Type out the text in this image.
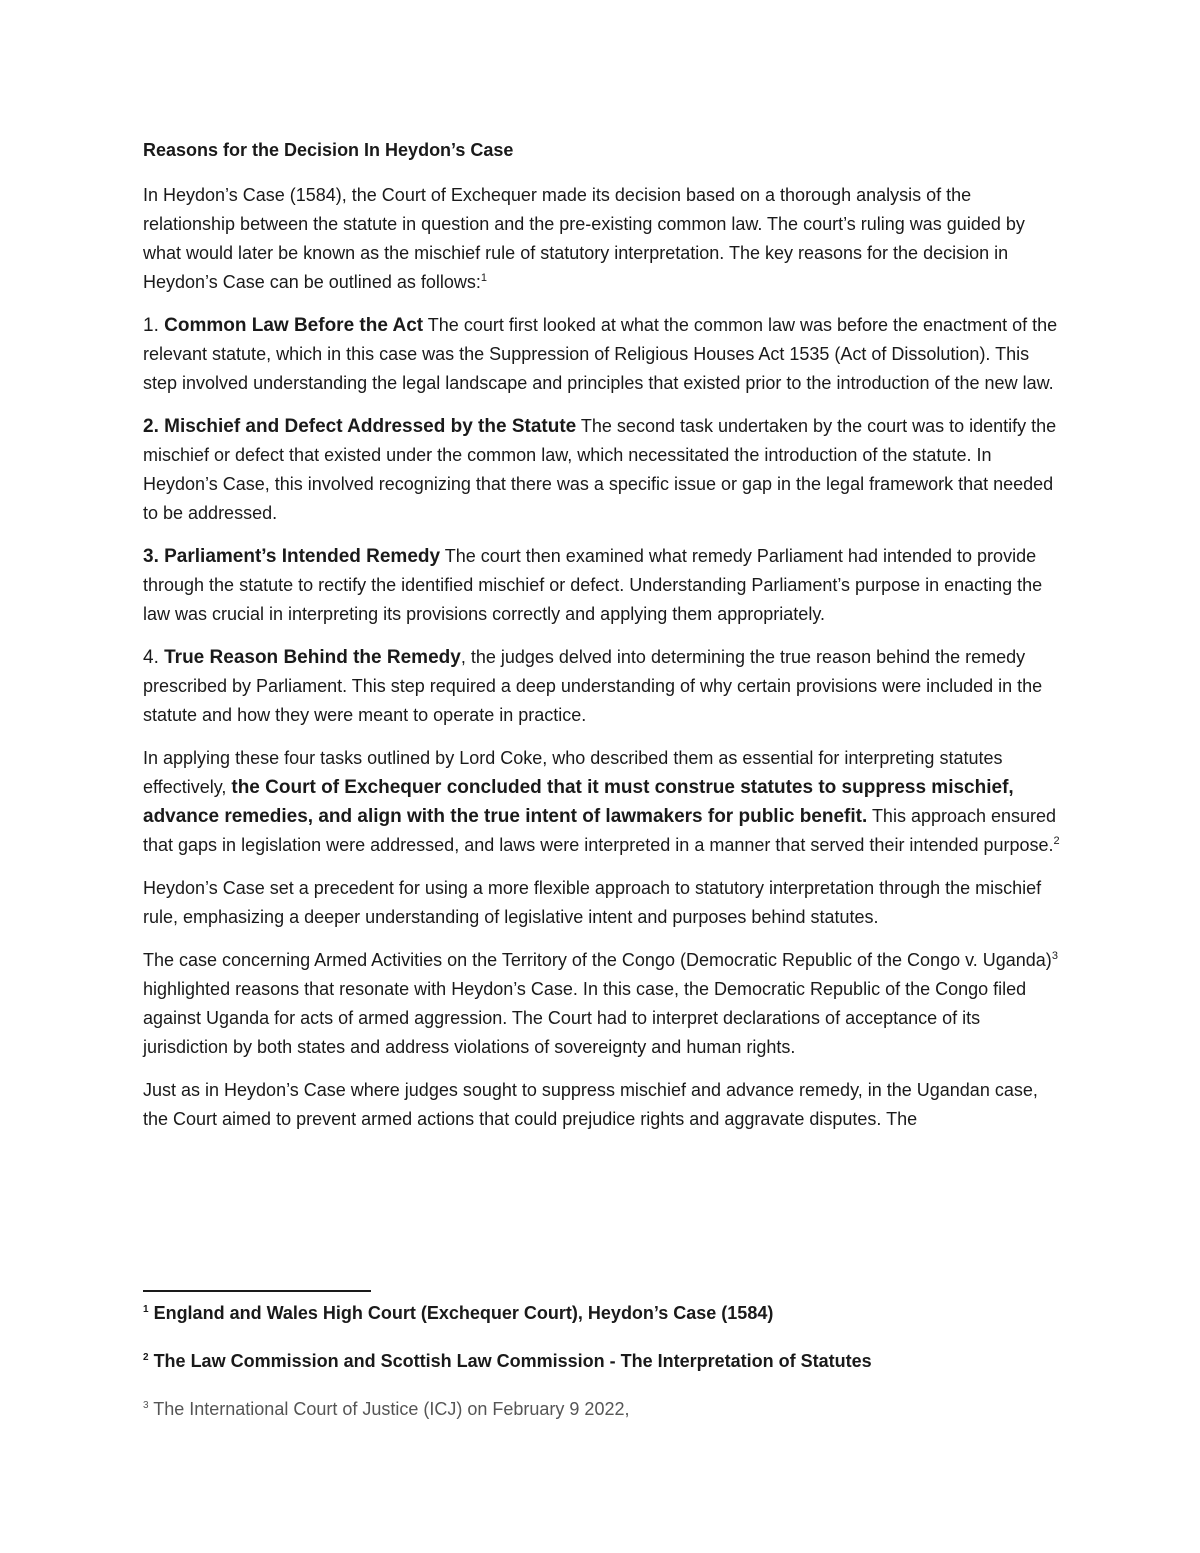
Reasons for the Decision In Heydon’s Case

In Heydon’s Case (1584), the Court of Exchequer made its decision based on a thorough analysis of the relationship between the statute in question and the pre-existing common law. The court’s ruling was guided by what would later be known as the mischief rule of statutory interpretation. The key reasons for the decision in Heydon’s Case can be outlined as follows:$^1$

1. Common Law Before the Act The court first looked at what the common law was before the enactment of the relevant statute, which in this case was the Suppression of Religious Houses Act 1535 (Act of Dissolution). This step involved understanding the legal landscape and principles that existed prior to the introduction of the new law.

2. Mischief and Defect Addressed by the Statute The second task undertaken by the court was to identify the mischief or defect that existed under the common law, which necessitated the introduction of the statute. In Heydon’s Case, this involved recognizing that there was a specific issue or gap in the legal framework that needed to be addressed.

3. Parliament’s Intended Remedy The court then examined what remedy Parliament had intended to provide through the statute to rectify the identified mischief or defect. Understanding Parliament’s purpose in enacting the law was crucial in interpreting its provisions correctly and applying them appropriately.

4. True Reason Behind the Remedy, the judges delved into determining the true reason behind the remedy prescribed by Parliament. This step required a deep understanding of why certain provisions were included in the statute and how they were meant to operate in practice.

In applying these four tasks outlined by Lord Coke, who described them as essential for interpreting statutes effectively, the Court of Exchequer concluded that it must construe statutes to suppress mischief, advance remedies, and align with the true intent of lawmakers for public benefit. This approach ensured that gaps in legislation were addressed, and laws were interpreted in a manner that served their intended purpose.$^2$

Heydon’s Case set a precedent for using a more flexible approach to statutory interpretation through the mischief rule, emphasizing a deeper understanding of legislative intent and purposes behind statutes.

The case concerning Armed Activities on the Territory of the Congo (Democratic Republic of the Congo v. Uganda)$^3$ highlighted reasons that resonate with Heydon’s Case. In this case, the Democratic Republic of the Congo filed against Uganda for acts of armed aggression. The Court had to interpret declarations of acceptance of its jurisdiction by both states and address violations of sovereignty and human rights.

Just as in Heydon’s Case where judges sought to suppress mischief and advance remedy, in the Ugandan case, the Court aimed to prevent armed actions that could prejudice rights and aggravate disputes. The

$^1$ England and Wales High Court (Exchequer Court), Heydon’s Case (1584)
$^2$ The Law Commission and Scottish Law Commission - The Interpretation of Statutes
$^3$ The International Court of Justice (ICJ) on February 9 2022,
